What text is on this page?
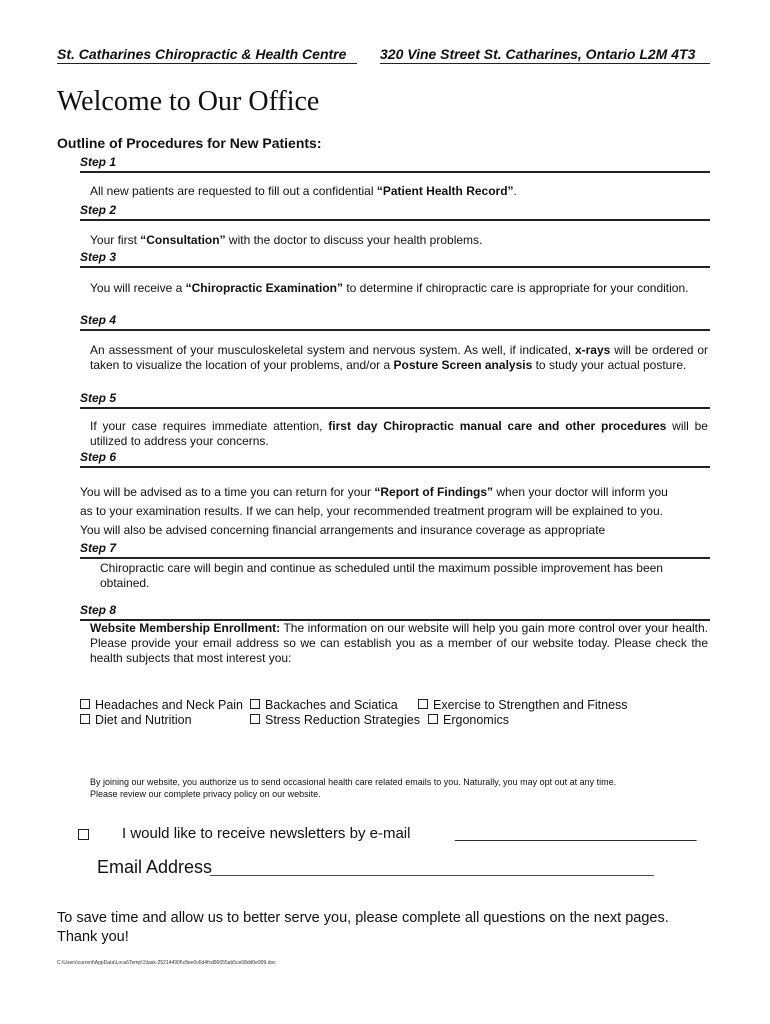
St. Catharines Chiropractic & Health Centre	320 Vine Street St. Catharines, Ontario L2M 4T3
Welcome to Our Office
Outline of Procedures for New Patients:
Step 1
All new patients are requested to fill out a confidential “Patient Health Record”.
Step 2
Your first “Consultation” with the doctor to discuss your health problems.
Step 3
You will receive a “Chiropractic Examination” to determine if chiropractic care is appropriate for your condition.
Step 4
An assessment of your musculoskeletal system and nervous system. As well, if indicated, x-rays will be ordered or taken to visualize the location of your problems, and/or a Posture Screen analysis to study your actual posture.
Step 5
If your case requires immediate attention, first day Chiropractic manual care and other procedures will be utilized to address your concerns.
Step 6
You will be advised as to a time you can return for your “Report of Findings” when your doctor will inform you
as to your examination results. If we can help, your recommended treatment program will be explained to you.
You will also be advised concerning financial arrangements and insurance coverage as appropriate
Step 7
Chiropractic care will begin and continue as scheduled until the maximum possible improvement has been obtained.
Step 8
Website Membership Enrollment: The information on our website will help you gain more control over your health. Please provide your email address so we can establish you as a member of our website today. Please check the health subjects that most interest you:
Headaches and Neck Pain	Backaches and Sciatica	Exercise to Strengthen and Fitness
Diet and Nutrition	Stress Reduction Strategies	Ergonomics
By joining our website, you authorize us to send occasional health care related emails to you. Naturally, you may opt out at any time.
Please review our complete privacy policy on our website.
I would like to receive newsletters by e-mail	_______________________________
Email Address
_________________________________________________________
To save time and allow us to better serve you, please complete all questions on the next pages.
Thank you!
C:\Users\current\AppData\Local\Temp\1\task-25214490f\c8ee0c6d4fcd96655ab5ce08dd0e999.doc
